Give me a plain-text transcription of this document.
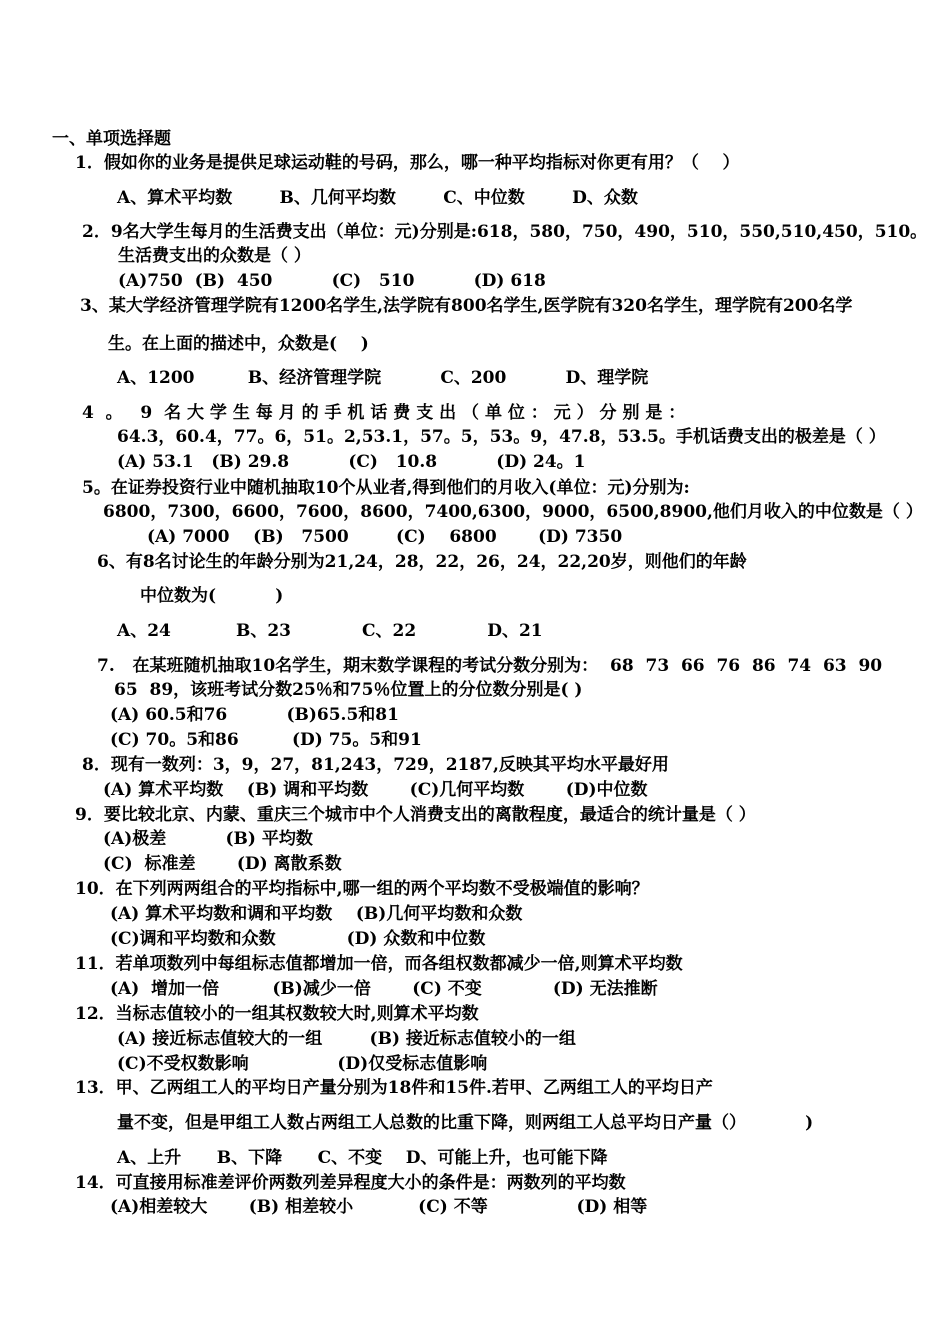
一、单项选择题
1．假如你的业务是提供足球运动鞋的号码，那么，哪一种平均指标对你更有用？（    ）
A、算术平均数        B、几何平均数        C、中位数        D、众数
2．9名大学生每月的生活费支出（单位：元)分别是:618，580，750，490，510，550,510,450，510。
生活费支出的众数是（ ）
(A)750  (B)  450          (C)   510          (D) 618
3、某大学经济管理学院有1200名学生,法学院有800名学生,医学院有320名学生，理学院有200名学
生。在上面的描述中，众数是(    )
A、1200         B、经济管理学院          C、200          D、理学院
4  。   9  名 大 学 生 每 月 的 手 机 话 费 支 出 （ 单 位 ： 元 ） 分 别 是 ：
64.3，60.4，77。6，51。2,53.1，57。5，53。9，47.8，53.5。手机话费支出的极差是（ ）
(A) 53.1   (B) 29.8          (C)   10.8          (D) 24。1
5。在证券投资行业中随机抽取10个从业者,得到他们的月收入(单位：元)分别为:
6800，7300，6600，7600，8600，7400,6300，9000，6500,8900,他们月收入的中位数是（ ）
(A) 7000    (B)   7500        (C)    6800       (D) 7350
6、有8名讨论生的年龄分别为21,24，28，22，26，24，22,20岁，则他们的年龄
中位数为(          )
A、24           B、23            C、22            D、21
7.   在某班随机抽取10名学生，期末数学课程的考试分数分别为：  68  73  66  76  86  74  63  90
65  89，该班考试分数25％和75％位置上的分位数分别是( )
(A) 60.5和76          (B)65.5和81
(C) 70。5和86         (D) 75。5和91
8．现有一数列：3，9，27，81,243，729，2187,反映其平均水平最好用
(A) 算术平均数    (B) 调和平均数       (C)几何平均数       (D)中位数
9．要比较北京、内蒙、重庆三个城市中个人消费支出的离散程度，最适合的统计量是（ ）
(A)极差          (B) 平均数
(C)  标准差       (D) 离散系数
10．在下列两两组合的平均指标中,哪一组的两个平均数不受极端值的影响？
(A) 算术平均数和调和平均数    (B)几何平均数和众数
(C)调和平均数和众数            (D) 众数和中位数
11．若单项数列中每组标志值都增加一倍，而各组权数都减少一倍,则算术平均数
(A)  增加一倍         (B)减少一倍       (C) 不变            (D) 无法推断
12．当标志值较小的一组其权数较大时,则算术平均数
(A) 接近标志值较大的一组        (B) 接近标志值较小的一组
(C)不受权数影响               (D)仅受标志值影响
13．甲、乙两组工人的平均日产量分别为18件和15件.若甲、乙两组工人的平均日产
量不变，但是甲组工人数占两组工人总数的比重下降，则两组工人总平均日产量（）          )
A、上升      B、下降      C、不变    D、可能上升，也可能下降
14．可直接用标准差评价两数列差异程度大小的条件是：两数列的平均数
(A)相差较大       (B) 相差较小           (C) 不等               (D) 相等
